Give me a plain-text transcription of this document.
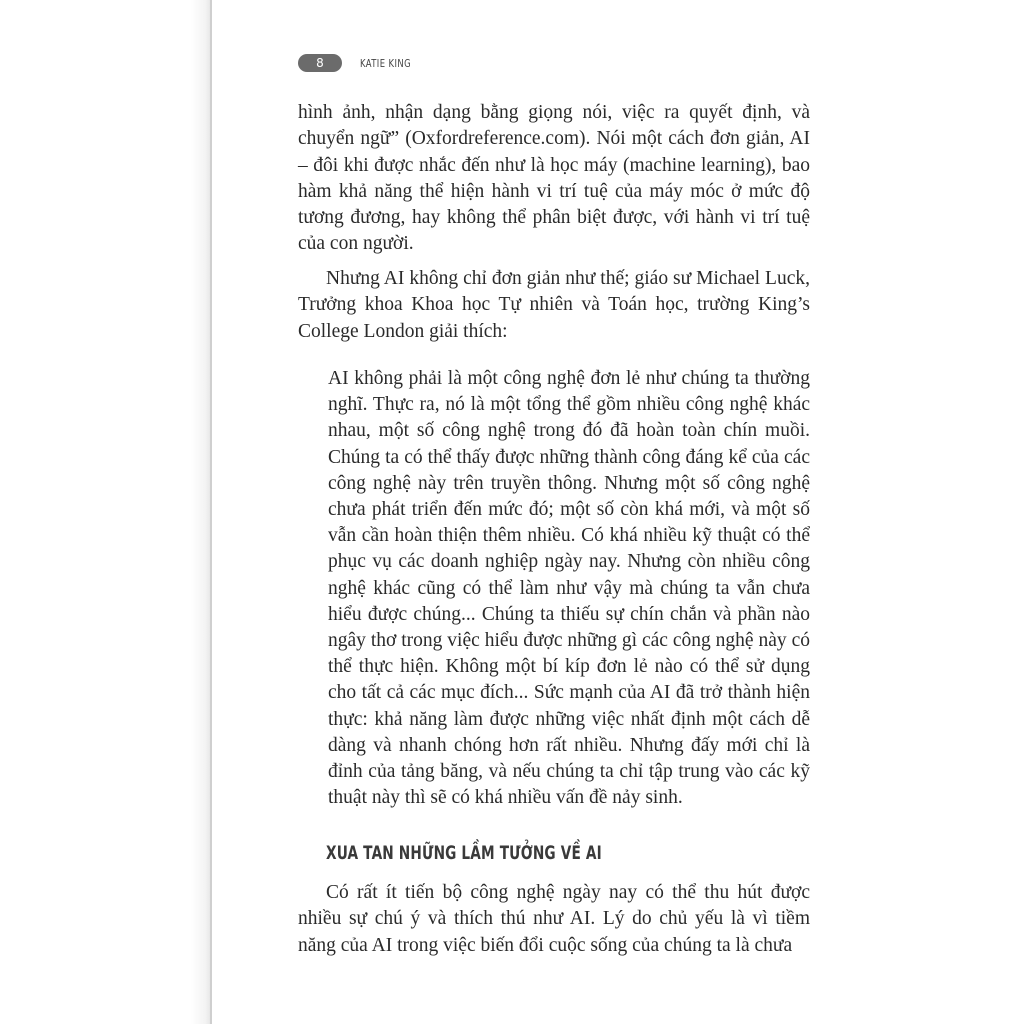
8	KATIE KING

hình ảnh, nhận dạng bằng giọng nói, việc ra quyết định, và chuyển ngữ” (Oxfordreference.com). Nói một cách đơn giản, AI – đôi khi được nhắc đến như là học máy (machine learning), bao hàm khả năng thể hiện hành vi trí tuệ của máy móc ở mức độ tương đương, hay không thể phân biệt được, với hành vi trí tuệ của con người.

Nhưng AI không chỉ đơn giản như thế; giáo sư Michael Luck, Trưởng khoa Khoa học Tự nhiên và Toán học, trường King’s College London giải thích:

AI không phải là một công nghệ đơn lẻ như chúng ta thường nghĩ. Thực ra, nó là một tổng thể gồm nhiều công nghệ khác nhau, một số công nghệ trong đó đã hoàn toàn chín muồi. Chúng ta có thể thấy được những thành công đáng kể của các công nghệ này trên truyền thông. Nhưng một số công nghệ chưa phát triển đến mức đó; một số còn khá mới, và một số vẫn cần hoàn thiện thêm nhiều. Có khá nhiều kỹ thuật có thể phục vụ các doanh nghiệp ngày nay. Nhưng còn nhiều công nghệ khác cũng có thể làm như vậy mà chúng ta vẫn chưa hiểu được chúng... Chúng ta thiếu sự chín chắn và phần nào ngây thơ trong việc hiểu được những gì các công nghệ này có thể thực hiện. Không một bí kíp đơn lẻ nào có thể sử dụng cho tất cả các mục đích... Sức mạnh của AI đã trở thành hiện thực: khả năng làm được những việc nhất định một cách dễ dàng và nhanh chóng hơn rất nhiều. Nhưng đấy mới chỉ là đỉnh của tảng băng, và nếu chúng ta chỉ tập trung vào các kỹ thuật này thì sẽ có khá nhiều vấn đề nảy sinh.

XUA TAN NHỮNG LẦM TƯỞNG VỀ AI

Có rất ít tiến bộ công nghệ ngày nay có thể thu hút được nhiều sự chú ý và thích thú như AI. Lý do chủ yếu là vì tiềm năng của AI trong việc biến đổi cuộc sống của chúng ta là chưa
